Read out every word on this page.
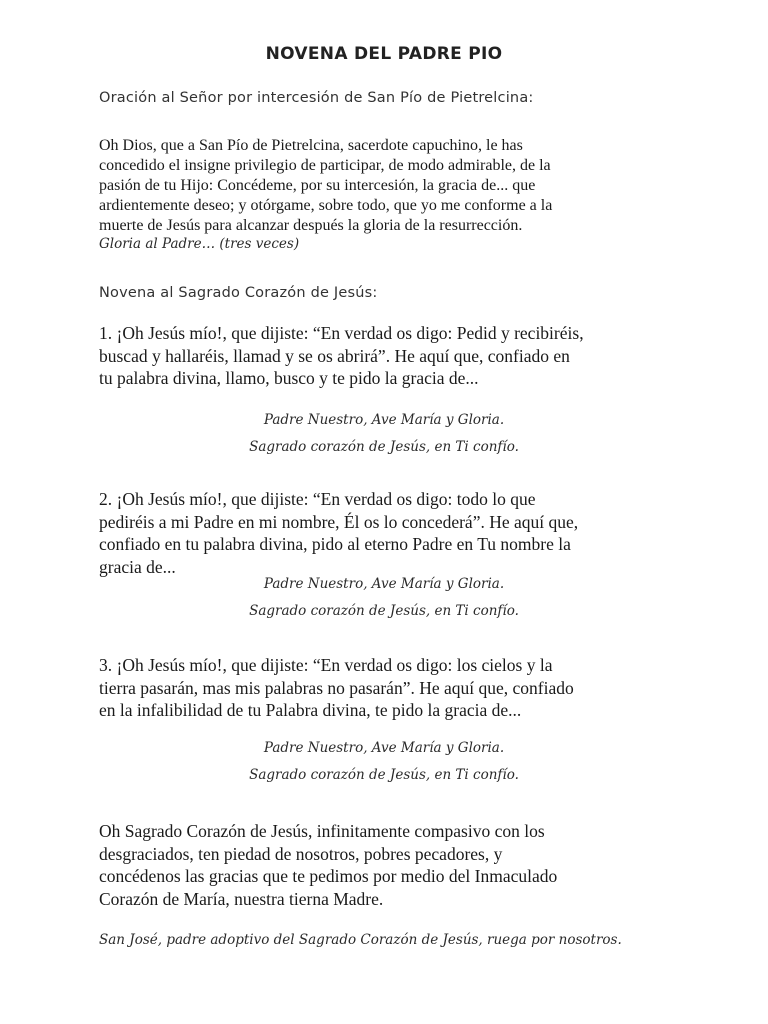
NOVENA DEL PADRE PIO

Oración al Señor por intercesión de San Pío de Pietrelcina:

Oh Dios, que a San Pío de Pietrelcina, sacerdote capuchino, le has
concedido el insigne privilegio de participar, de modo admirable, de la
pasión de tu Hijo: Concédeme, por su intercesión, la gracia de... que
ardientemente deseo; y otórgame, sobre todo, que yo me conforme a la
muerte de Jesús para alcanzar después la gloria de la resurrección.

Gloria al Padre… (tres veces)

Novena al Sagrado Corazón de Jesús:

1. ¡Oh Jesús mío!, que dijiste: “En verdad os digo: Pedid y recibiréis,
buscad y hallaréis, llamad y se os abrirá”. He aquí que, confiado en
tu palabra divina, llamo, busco y te pido la gracia de...

Padre Nuestro, Ave María y Gloria.

Sagrado corazón de Jesús, en Ti confío.

2. ¡Oh Jesús mío!, que dijiste: “En verdad os digo: todo lo que
pediréis a mi Padre en mi nombre, Él os lo concederá”. He aquí que,
confiado en tu palabra divina, pido al eterno Padre en Tu nombre la
gracia de...

Padre Nuestro, Ave María y Gloria.

Sagrado corazón de Jesús, en Ti confío.

3. ¡Oh Jesús mío!, que dijiste: “En verdad os digo: los cielos y la
tierra pasarán, mas mis palabras no pasarán”. He aquí que, confiado
en la infalibilidad de tu Palabra divina, te pido la gracia de...

Padre Nuestro, Ave María y Gloria.

Sagrado corazón de Jesús, en Ti confío.

Oh Sagrado Corazón de Jesús, infinitamente compasivo con los
desgraciados, ten piedad de nosotros, pobres pecadores, y
concédenos las gracias que te pedimos por medio del Inmaculado
Corazón de María, nuestra tierna Madre.

San José, padre adoptivo del Sagrado Corazón de Jesús, ruega por nosotros.
